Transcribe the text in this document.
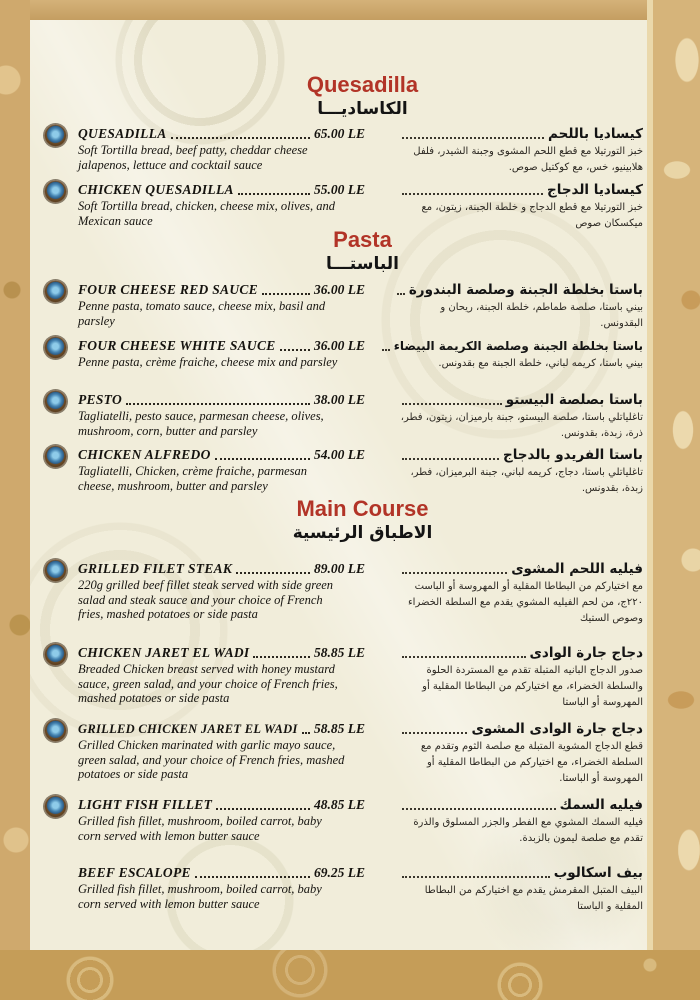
Quesadilla
الكاساديـــا
QUESADILLA	65.00 LE
Soft Tortilla bread, beef patty, cheddar cheese jalapenos, lettuce and cocktail sauce
كيساديا باللحم
خبز التورتيلا مع قطع اللحم المشوى وجبنة الشيدر، فلفل هلابينيو، خس، مع كوكتيل صوص.
CHICKEN QUESADILLA	55.00 LE
Soft Tortilla bread, chicken, cheese mix, olives, and Mexican sauce
كيساديا الدجاج
خبز التورتيلا مع قطع الدجاج و خلطة الجبنة، زيتون، مع ميكسكان صوص
Pasta
الباستـــا
FOUR CHEESE RED SAUCE	36.00 LE
Penne pasta, tomato sauce, cheese mix, basil and parsley
باستا بخلطة الجبنة وصلصة البندورة
بيني باستا، صلصة طماطم، خلطة الجبنة، ريحان و البقدونس.
FOUR CHEESE WHITE SAUCE	36.00 LE
Penne pasta, crème fraiche, cheese mix and parsley
باستا بخلطة الجبنة وصلصة الكريمة البيضاء
بيني باستا، كريمه لباني، خلطة الجبنة مع بقدونس.
PESTO	38.00 LE
Tagliatelli, pesto sauce, parmesan cheese, olives, mushroom, corn, butter and parsley
باستا بصلصة البيستو
تاغلياتلي باستا، صلصة البيستو، جبنة بارميزان، زيتون، فطر، ذرة، زبدة، بقدونس.
CHICKEN ALFREDO	54.00 LE
Tagliatelli, Chicken, crème fraiche, parmesan cheese, mushroom, butter and parsley
باستا الفريدو بالدجاج
تاغلياتلي باستا، دجاج، كريمه لباني، جبنة البرميزان، فطر، زبدة، بقدونس.
Main Course
الاطباق الرئيسية
GRILLED FILET STEAK	89.00 LE
220g grilled beef fillet steak served with side green salad and steak sauce and your choice of French fries, mashed potatoes or side pasta
فيليه اللحم المشوى
مع اختياركم من البطاطا المقلية أو المهروسة أو الباست ٢٢٠ج، من لحم الفيليه المشوي يقدم مع السلطة الخضراء وصوص الستيك
CHICKEN JARET EL WADI	58.85 LE
Breaded Chicken breast served with honey mustard sauce, green salad, and your choice of French fries, mashed potatoes or side pasta
دجاج جارة الوادى
صدور الدجاج البانيه المتبلة تقدم مع المستردة الحلوة والسلطة الخضراء، مع اختياركم من البطاطا المقلية أو المهروسة أو الباستا
GRILLED CHICKEN JARET EL WADI 58.85 LE
Grilled Chicken marinated with garlic mayo sauce, green salad, and your choice of French fries, mashed potatoes or side pasta
دجاج جارة الوادى المشوى
قطع الدجاج المشوية المتبلة مع صلصة الثوم وتقدم مع السلطة الخضراء، مع اختياركم من البطاطا المقلية أو المهروسة أو الباستا.
LIGHT FISH FILLET	48.85 LE
Grilled fish fillet, mushroom, boiled carrot, baby corn served with lemon butter sauce
فيليه السمك
فيليه السمك المشوي مع الفطر والجزر المسلوق والذرة تقدم مع صلصة ليمون بالزبدة.
BEEF ESCALOPE	69.25 LE
Grilled fish fillet, mushroom, boiled carrot, baby corn served with lemon butter sauce
بيف اسكالوب
البيف المتبل المقرمش يقدم مع اختياركم من البطاطا المقلية و الباستا
